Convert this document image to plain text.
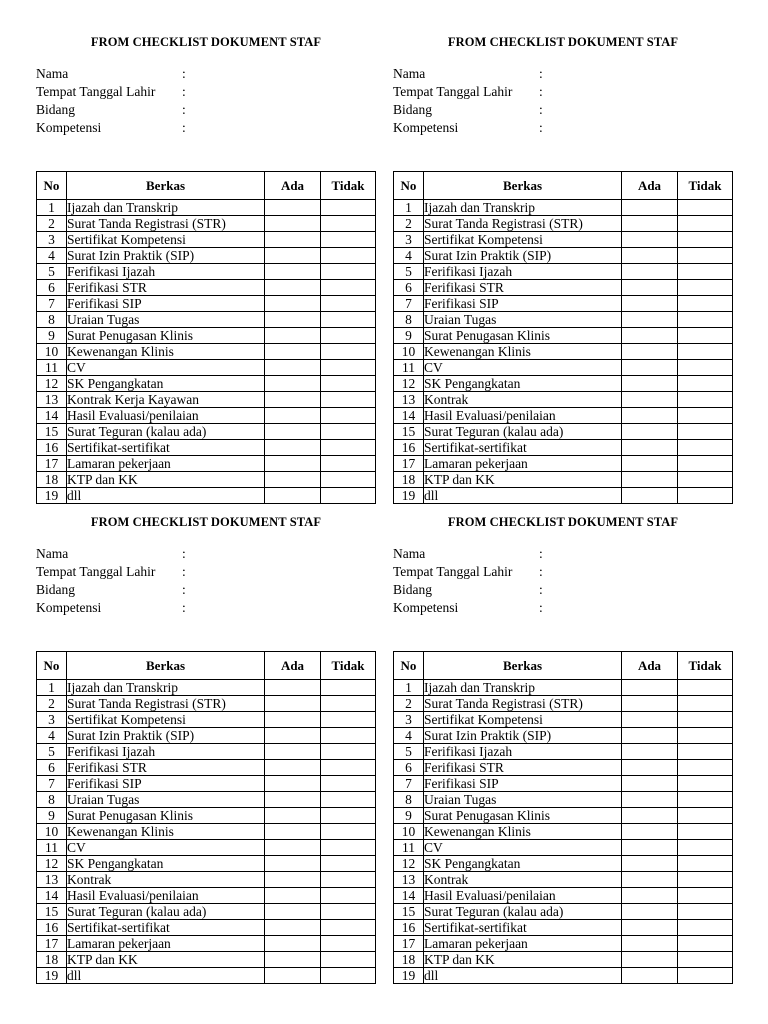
FROM CHECKLIST DOKUMENT STAF
Nama	:
Tempat Tanggal Lahir	:
Bidang	:
Kompetensi	:
No	Berkas	Ada	Tidak
1	Ijazah dan Transkrip		
2	Surat Tanda Registrasi (STR)		
3	Sertifikat Kompetensi		
4	Surat Izin Praktik (SIP)		
5	Ferifikasi Ijazah		
6	Ferifikasi STR		
7	Ferifikasi SIP		
8	Uraian Tugas		
9	Surat Penugasan Klinis		
10	Kewenangan Klinis		
11	CV		
12	SK Pengangkatan		
13	Kontrak Kerja Kayawan		
14	Hasil Evaluasi/penilaian		
15	Surat Teguran (kalau ada)		
16	Sertifikat-sertifikat		
17	Lamaran pekerjaan		
18	KTP dan KK		
19	dll		
FROM CHECKLIST DOKUMENT STAF
Nama	:
Tempat Tanggal Lahir	:
Bidang	:
Kompetensi	:
No	Berkas	Ada	Tidak
1	Ijazah dan Transkrip		
2	Surat Tanda Registrasi (STR)		
3	Sertifikat Kompetensi		
4	Surat Izin Praktik (SIP)		
5	Ferifikasi Ijazah		
6	Ferifikasi STR		
7	Ferifikasi SIP		
8	Uraian Tugas		
9	Surat Penugasan Klinis		
10	Kewenangan Klinis		
11	CV		
12	SK Pengangkatan		
13	Kontrak		
14	Hasil Evaluasi/penilaian		
15	Surat Teguran (kalau ada)		
16	Sertifikat-sertifikat		
17	Lamaran pekerjaan		
18	KTP dan KK		
19	dll		
FROM CHECKLIST DOKUMENT STAF
Nama	:
Tempat Tanggal Lahir	:
Bidang	:
Kompetensi	:
No	Berkas	Ada	Tidak
1	Ijazah dan Transkrip		
2	Surat Tanda Registrasi (STR)		
3	Sertifikat Kompetensi		
4	Surat Izin Praktik (SIP)		
5	Ferifikasi Ijazah		
6	Ferifikasi STR		
7	Ferifikasi SIP		
8	Uraian Tugas		
9	Surat Penugasan Klinis		
10	Kewenangan Klinis		
11	CV		
12	SK Pengangkatan		
13	Kontrak		
14	Hasil Evaluasi/penilaian		
15	Surat Teguran (kalau ada)		
16	Sertifikat-sertifikat		
17	Lamaran pekerjaan		
18	KTP dan KK		
19	dll		
FROM CHECKLIST DOKUMENT STAF
Nama	:
Tempat Tanggal Lahir	:
Bidang	:
Kompetensi	:
No	Berkas	Ada	Tidak
1	Ijazah dan Transkrip		
2	Surat Tanda Registrasi (STR)		
3	Sertifikat Kompetensi		
4	Surat Izin Praktik (SIP)		
5	Ferifikasi Ijazah		
6	Ferifikasi STR		
7	Ferifikasi SIP		
8	Uraian Tugas		
9	Surat Penugasan Klinis		
10	Kewenangan Klinis		
11	CV		
12	SK Pengangkatan		
13	Kontrak		
14	Hasil Evaluasi/penilaian		
15	Surat Teguran (kalau ada)		
16	Sertifikat-sertifikat		
17	Lamaran pekerjaan		
18	KTP dan KK		
19	dll		
